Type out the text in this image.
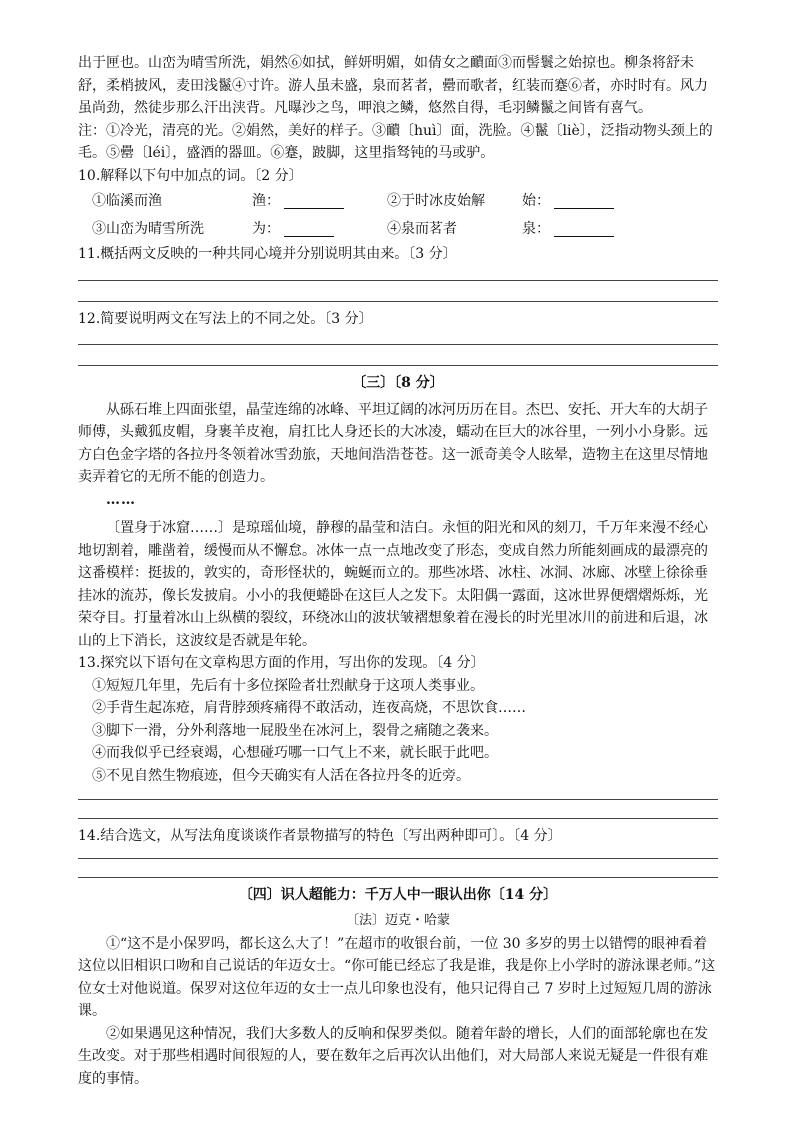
出于匣也。山峦为晴雪所洗，娟然⑥如拭，鲜妍明媚，如倩女之靧面③而髻鬟之始掠也。柳条将舒未舒，柔梢披风，麦田浅鬣④寸许。游人虽未盛，泉而茗者，罍而歌者，红装而蹇⑥者，亦时时有。风力虽尚劲，然徒步那么汗出浃背。凡曝沙之鸟，呷浪之鳞，悠然自得，毛羽鳞鬣之间皆有喜气。

注：①冷光，清亮的光。②娟然，美好的样子。③靧〔huì〕面，洗脸。④鬣〔liè〕，泛指动物头颈上的毛。⑤罍〔léi〕，盛酒的器皿。⑥蹇，跛脚，这里指驽钝的马或驴。

10.解释以下句中加点的词。〔2 分〕

①临溪而渔	渔：	②于时冰皮始解	始：
③山峦为晴雪所洗	为：	④泉而茗者	泉：

11.概括两文反映的一种共同心境并分别说明其由来。〔3 分〕

12.简要说明两文在写法上的不同之处。〔3 分〕

〔三〕〔8 分〕

从砾石堆上四面张望，晶莹连绵的冰峰、平坦辽阔的冰河历历在目。杰巴、安托、开大车的大胡子师傅，头戴狐皮帽，身裹羊皮袍，肩扛比人身还长的大冰凌，蠕动在巨大的冰谷里，一列小小身影。远方白色金字塔的各拉丹冬领着冰雪劲旅，天地间浩浩苍苍。这一派奇美令人眩晕，造物主在这里尽情地卖弄着它的无所不能的创造力。

……

〔置身于冰窟……〕是琼瑶仙境，静穆的晶莹和洁白。永恒的阳光和风的刻刀，千万年来漫不经心地切割着，雕凿着，缓慢而从不懈怠。冰体一点一点地改变了形态，变成自然力所能刻画成的最漂亮的这番模样：挺拔的，敦实的，奇形怪状的，蜿蜒而立的。那些冰塔、冰柱、冰洞、冰廊、冰壁上徐徐垂挂冰的流苏，像长发披肩。小小的我便蜷卧在这巨人之发下。太阳偶一露面，这冰世界便熠熠烁烁，光荣夺目。打量着冰山上纵横的裂纹，环绕冰山的波状皱褶想象着在漫长的时光里冰川的前进和后退，冰山的上下消长，这波纹是否就是年轮。

13.探究以下语句在文章构思方面的作用，写出你的发现。〔4 分〕

①短短几年里，先后有十多位探险者壮烈献身于这项人类事业。

②手背生起冻疮，肩背脖颈疼痛得不敢活动，连夜高烧，不思饮食……

③脚下一滑，分外利落地一屁股坐在冰河上，裂骨之痛随之袭来。

④而我似乎已经衰竭，心想碰巧哪一口气上不来，就长眠于此吧。

⑤不见自然生物痕迹，但今天确实有人活在各拉丹冬的近旁。

14.结合选文，从写法角度谈谈作者景物描写的特色〔写出两种即可〕。〔4 分〕

〔四〕识人超能力：千万人中一眼认出你〔14 分〕
〔法〕迈克・哈蒙

①“这不是小保罗吗，都长这么大了！”在超市的收银台前，一位 30 多岁的男士以错愕的眼神看着这位以旧相识口吻和自己说话的年迈女士。“你可能已经忘了我是谁，我是你上小学时的游泳课老师。”这位女士对他说道。保罗对这位年迈的女士一点儿印象也没有，他只记得自己 7 岁时上过短短几周的游泳课。

②如果遇见这种情况，我们大多数人的反响和保罗类似。随着年龄的增长，人们的面部轮廓也在发生改变。对于那些相遇时间很短的人，要在数年之后再次认出他们，对大局部人来说无疑是一件很有难度的事情。
